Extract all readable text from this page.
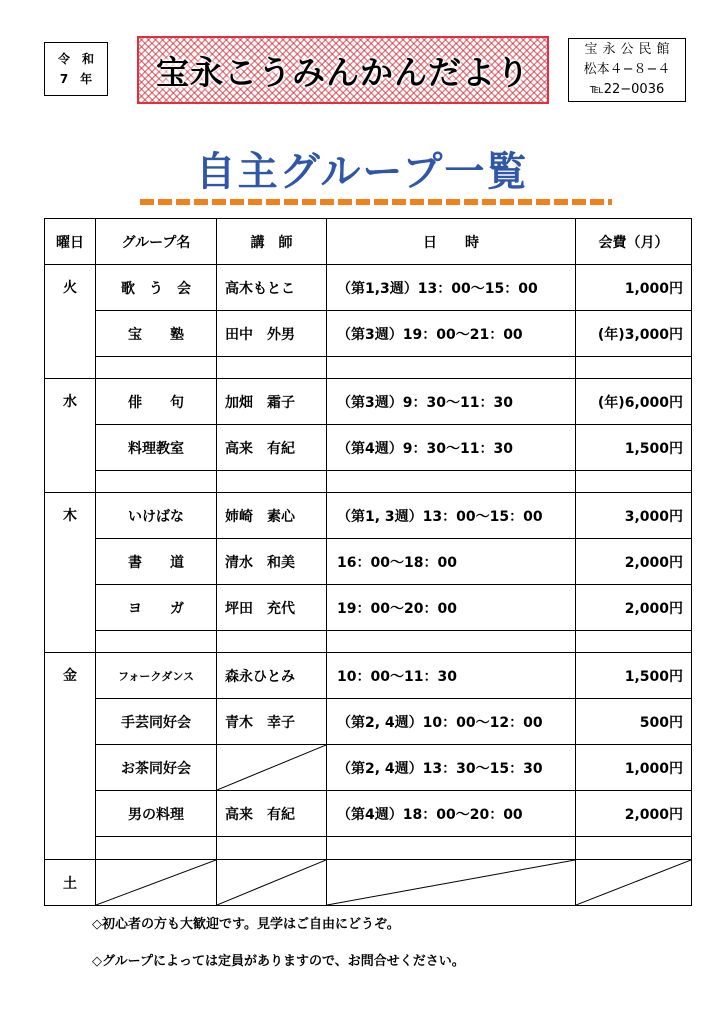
令和
7年 宝永こうみんかんだより
宝永公民館
松本４−８−４
℡22−0036
自主グループ一覧
曜日	グループ名	講　師	日　　時	会費（月）
火	歌　う　会	高木もとこ	（第1,3週）13：00〜15：00	1,000円
	宝　　塾	田中　外男	（第3週）19：00〜21：00	(年)3,000円

水	俳　　句	加畑　霜子	（第3週）9：30〜11：30	(年)6,000円
	料理教室	高来　有紀	（第4週）9：30〜11：30	1,500円

木	いけばな	姉崎　素心	（第1, 3週）13：00〜15：00	3,000円
	書　　道	清水　和美	16：00〜18：00	2,000円
	ヨ　　ガ	坪田　充代	19：00〜20：00	2,000円

金	フォークダンス	森永ひとみ	10：00〜11：30	1,500円
	手芸同好会	青木　幸子	（第2, 4週）10：00〜12：00	500円
	お茶同好会		（第2, 4週）13：30〜15：30	1,000円
	男の料理	高来　有紀	（第4週）18：00〜20：00	2,000円

土	

◇初心者の方も大歓迎です。見学はご自由にどうぞ。
◇グループによっては定員がありますので、お問合せください。
